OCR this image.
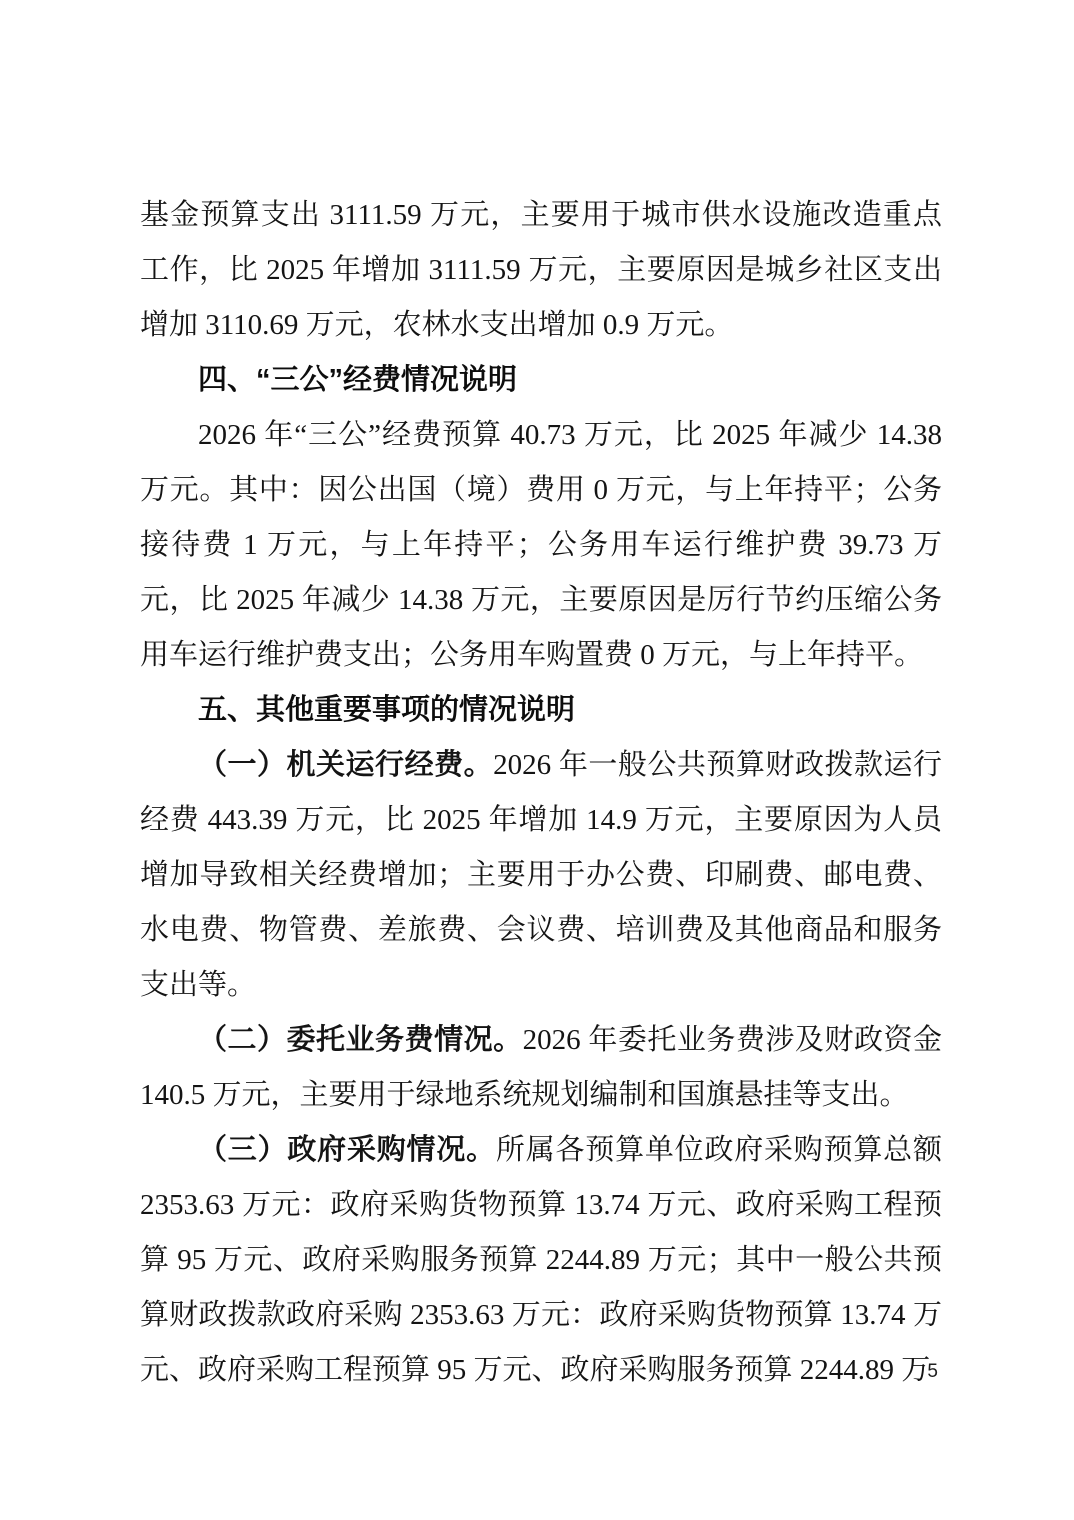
基金预算支出 3111.59 万元，主要用于城市供水设施改造重点工作，比 2025 年增加 3111.59 万元，主要原因是城乡社区支出增加 3110.69 万元，农林水支出增加 0.9 万元。

四、“三公”经费情况说明

2026 年“三公”经费预算 40.73 万元，比 2025 年减少 14.38 万元。其中：因公出国（境）费用 0 万元，与上年持平；公务接待费 1 万元，与上年持平；公务用车运行维护费 39.73 万元，比 2025 年减少 14.38 万元，主要原因是厉行节约压缩公务用车运行维护费支出；公务用车购置费 0 万元，与上年持平。

五、其他重要事项的情况说明

（一）机关运行经费。2026 年一般公共预算财政拨款运行经费 443.39 万元，比 2025 年增加 14.9 万元，主要原因为人员增加导致相关经费增加；主要用于办公费、印刷费、邮电费、水电费、物管费、差旅费、会议费、培训费及其他商品和服务支出等。

（二）委托业务费情况。2026 年委托业务费涉及财政资金 140.5 万元，主要用于绿地系统规划编制和国旗悬挂等支出。

（三）政府采购情况。所属各预算单位政府采购预算总额 2353.63 万元：政府采购货物预算 13.74 万元、政府采购工程预算 95 万元、政府采购服务预算 2244.89 万元；其中一般公共预算财政拨款政府采购 2353.63 万元：政府采购货物预算 13.74 万元、政府采购工程预算 95 万元、政府采购服务预算 2244.89 万

5
